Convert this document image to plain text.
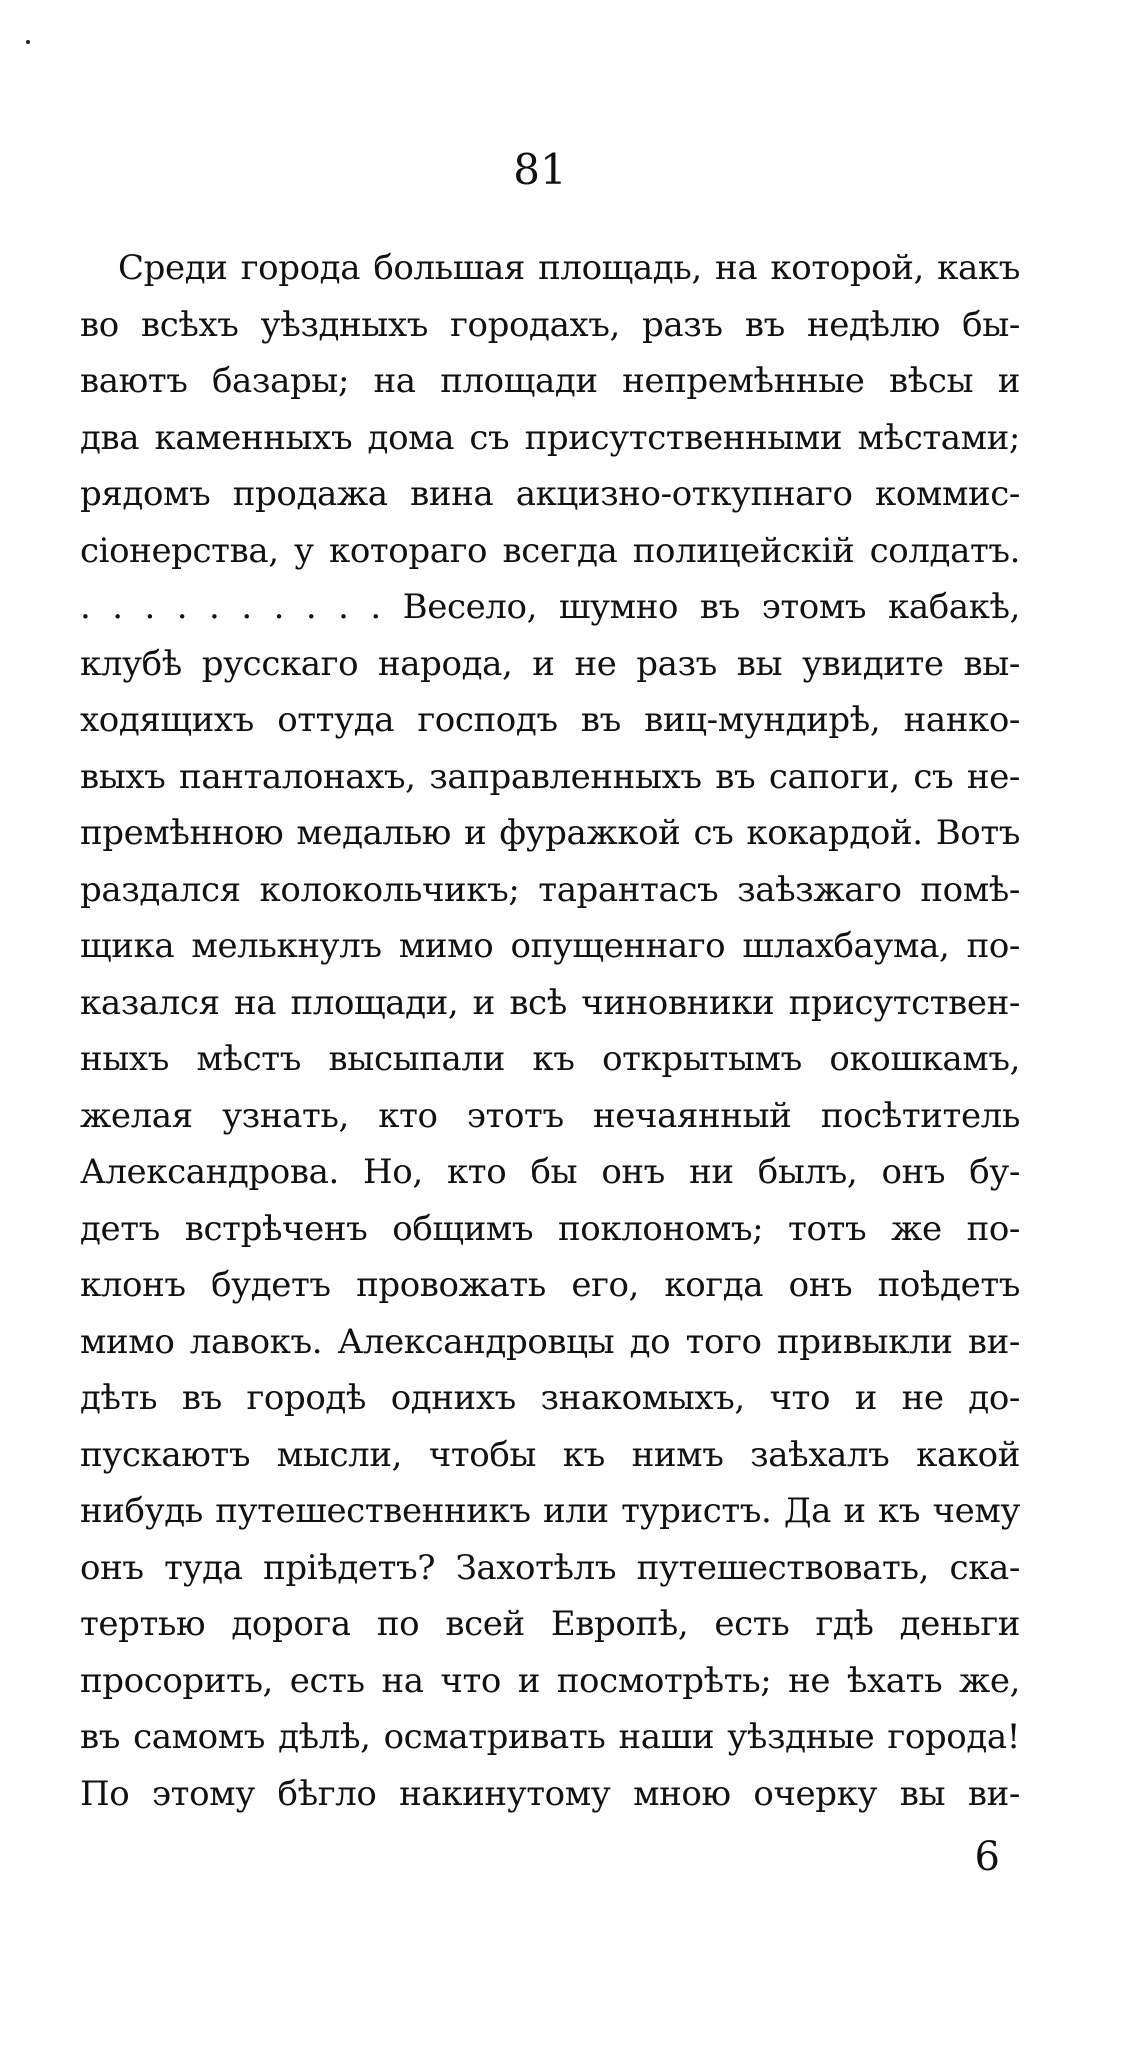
81
Среди города большая площадь, на которой, какъ
во всѣхъ уѣздныхъ городахъ, разъ въ недѣлю бы-
ваютъ базары; на площади непремѣнные вѣсы и
два каменныхъ дома съ присутственными мѣстами;
рядомъ продажа вина акцизно-откупнаго коммис-
сіонерства, у котораго всегда полицейскій солдатъ.
. . . . . . . . . . Весело, шумно въ этомъ кабакѣ,
клубѣ русскаго народа, и не разъ вы увидите вы-
ходящихъ оттуда господъ въ виц-мундирѣ, нанко-
выхъ панталонахъ, заправленныхъ въ сапоги, съ не-
премѣнною медалью и фуражкой съ кокардой. Вотъ
раздался колокольчикъ; тарантасъ заѣзжаго помѣ-
щика мелькнулъ мимо опущеннаго шлахбаума, по-
казался на площади, и всѣ чиновники присутствен-
ныхъ мѣстъ высыпали къ открытымъ окошкамъ,
желая узнать, кто этотъ нечаянный посѣтитель
Александрова. Но, кто бы онъ ни былъ, онъ бу-
детъ встрѣченъ общимъ поклономъ; тотъ же по-
клонъ будетъ провожать его, когда онъ поѣдетъ
мимо лавокъ. Александровцы до того привыкли ви-
дѣть въ городѣ однихъ знакомыхъ, что и не до-
пускаютъ мысли, чтобы къ нимъ заѣхалъ какой
нибудь путешественникъ или туристъ. Да и къ чему
онъ туда пріѣдетъ? Захотѣлъ путешествовать, ска-
тертью дорога по всей Европѣ, есть гдѣ деньги
просорить, есть на что и посмотрѣть; не ѣхать же,
въ самомъ дѣлѣ, осматривать наши уѣздные города!
По этому бѣгло накинутому мною очерку вы ви-
6
